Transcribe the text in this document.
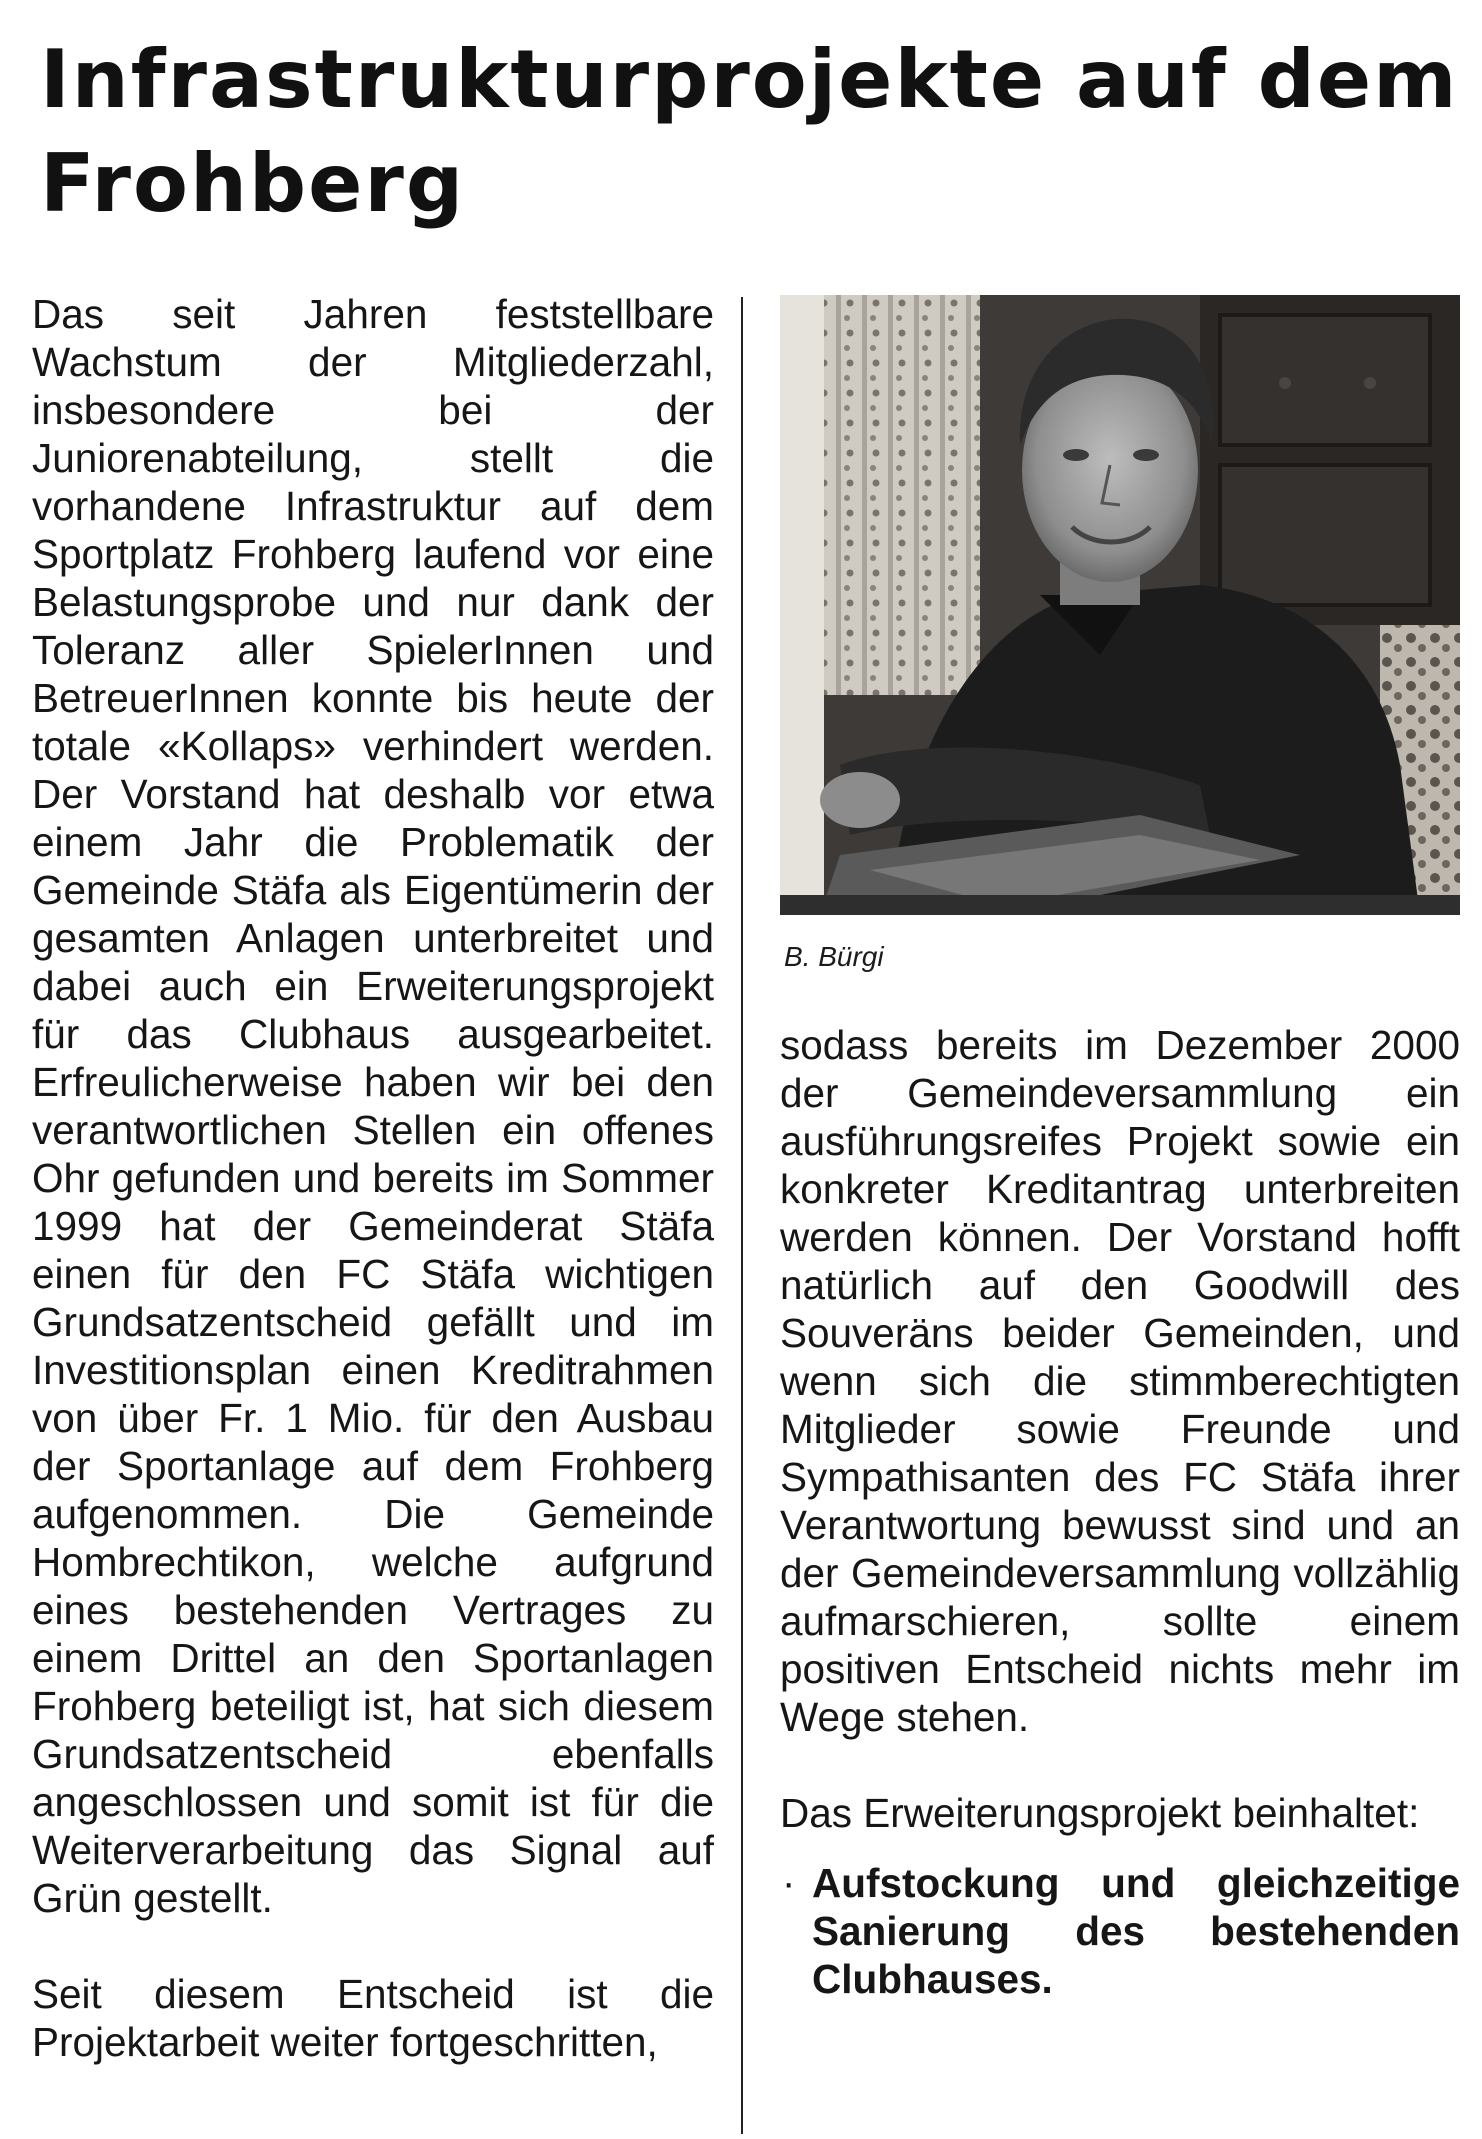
Infrastrukturprojekte auf dem Frohberg

Das seit Jahren feststellbare Wachstum der Mitgliederzahl, insbesondere bei der Juniorenabteilung, stellt die vorhandene Infrastruktur auf dem Sportplatz Frohberg laufend vor eine Belastungsprobe und nur dank der Toleranz aller SpielerInnen und BetreuerInnen konnte bis heute der totale «Kollaps» verhindert werden. Der Vorstand hat deshalb vor etwa einem Jahr die Problematik der Gemeinde Stäfa als Eigentümerin der gesamten Anlagen unterbreitet und dabei auch ein Erweiterungsprojekt für das Clubhaus ausgearbeitet. Erfreulicherweise haben wir bei den verantwortlichen Stellen ein offenes Ohr gefunden und bereits im Sommer 1999 hat der Gemeinderat Stäfa einen für den FC Stäfa wichtigen Grundsatzentscheid gefällt und im Investitionsplan einen Kreditrahmen von über Fr. 1 Mio. für den Ausbau der Sportanlage auf dem Frohberg aufgenommen. Die Gemeinde Hombrechtikon, welche aufgrund eines bestehenden Vertrages zu einem Drittel an den Sportanlagen Frohberg beteiligt ist, hat sich diesem Grundsatzentscheid ebenfalls angeschlossen und somit ist für die Weiterverarbeitung das Signal auf Grün gestellt.

Seit diesem Entscheid ist die Projektarbeit weiter fortgeschritten,

B. Bürgi

sodass bereits im Dezember 2000 der Gemeindeversammlung ein ausführungsreifes Projekt sowie ein konkreter Kreditantrag unterbreiten werden können. Der Vorstand hofft natürlich auf den Goodwill des Souveräns beider Gemeinden, und wenn sich die stimmberechtigten Mitglieder sowie Freunde und Sympathisanten des FC Stäfa ihrer Verantwortung bewusst sind und an der Gemeindeversammlung vollzählig aufmarschieren, sollte einem positiven Entscheid nichts mehr im Wege stehen.

Das Erweiterungsprojekt beinhaltet:

· Aufstockung und gleichzeitige Sanierung des bestehenden Clubhauses.
